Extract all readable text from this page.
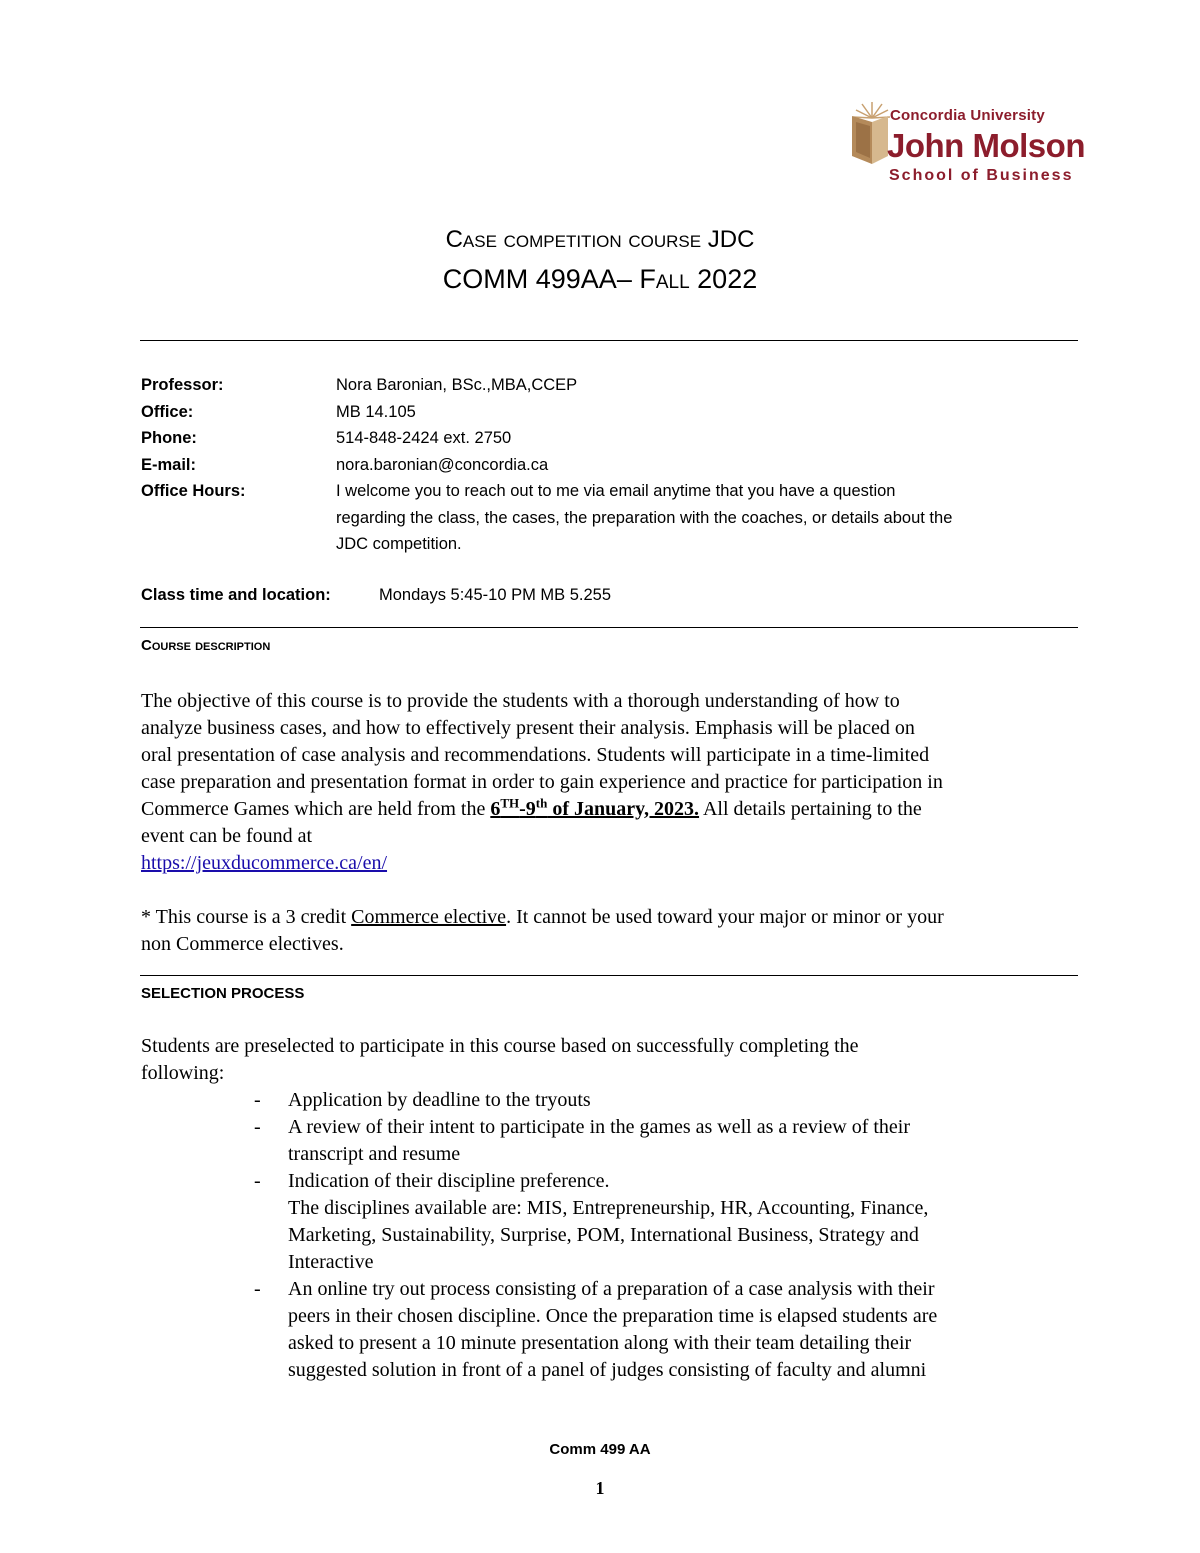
Concordia University
John Molson
School of Business
Case competition course JDC
COMM 499AA– Fall 2022
Professor:	Nora Baronian, BSc.,MBA,CCEP
Office:	MB 14.105
Phone:	514-848-2424 ext. 2750
E-mail:	nora.baronian@concordia.ca
Office Hours:	I welcome you to reach out to me via email anytime that you have a question
regarding the class, the cases, the preparation with the coaches, or details about the
JDC competition.
Class time and location:	Mondays 5:45-10 PM MB 5.255
Course description
The objective of this course is to provide the students with a thorough understanding of how to
analyze business cases, and how to effectively present their analysis. Emphasis will be placed on
oral presentation of case analysis and recommendations. Students will participate in a time-limited
case preparation and presentation format in order to gain experience and practice for participation in
Commerce Games which are held from the 6TH-9th of January, 2023. All details pertaining to the
event can be found at
https://jeuxducommerce.ca/en/
* This course is a 3 credit Commerce elective. It cannot be used toward your major or minor or your
non Commerce electives.
SELECTION PROCESS
Students are preselected to participate in this course based on successfully completing the
following:
- Application by deadline to the tryouts
- A review of their intent to participate in the games as well as a review of their
transcript and resume
- Indication of their discipline preference.
The disciplines available are: MIS, Entrepreneurship, HR, Accounting, Finance,
Marketing, Sustainability, Surprise, POM, International Business, Strategy and
Interactive
- An online try out process consisting of a preparation of a case analysis with their
peers in their chosen discipline. Once the preparation time is elapsed students are
asked to present a 10 minute presentation along with their team detailing their
suggested solution in front of a panel of judges consisting of faculty and alumni
Comm 499 AA
1
